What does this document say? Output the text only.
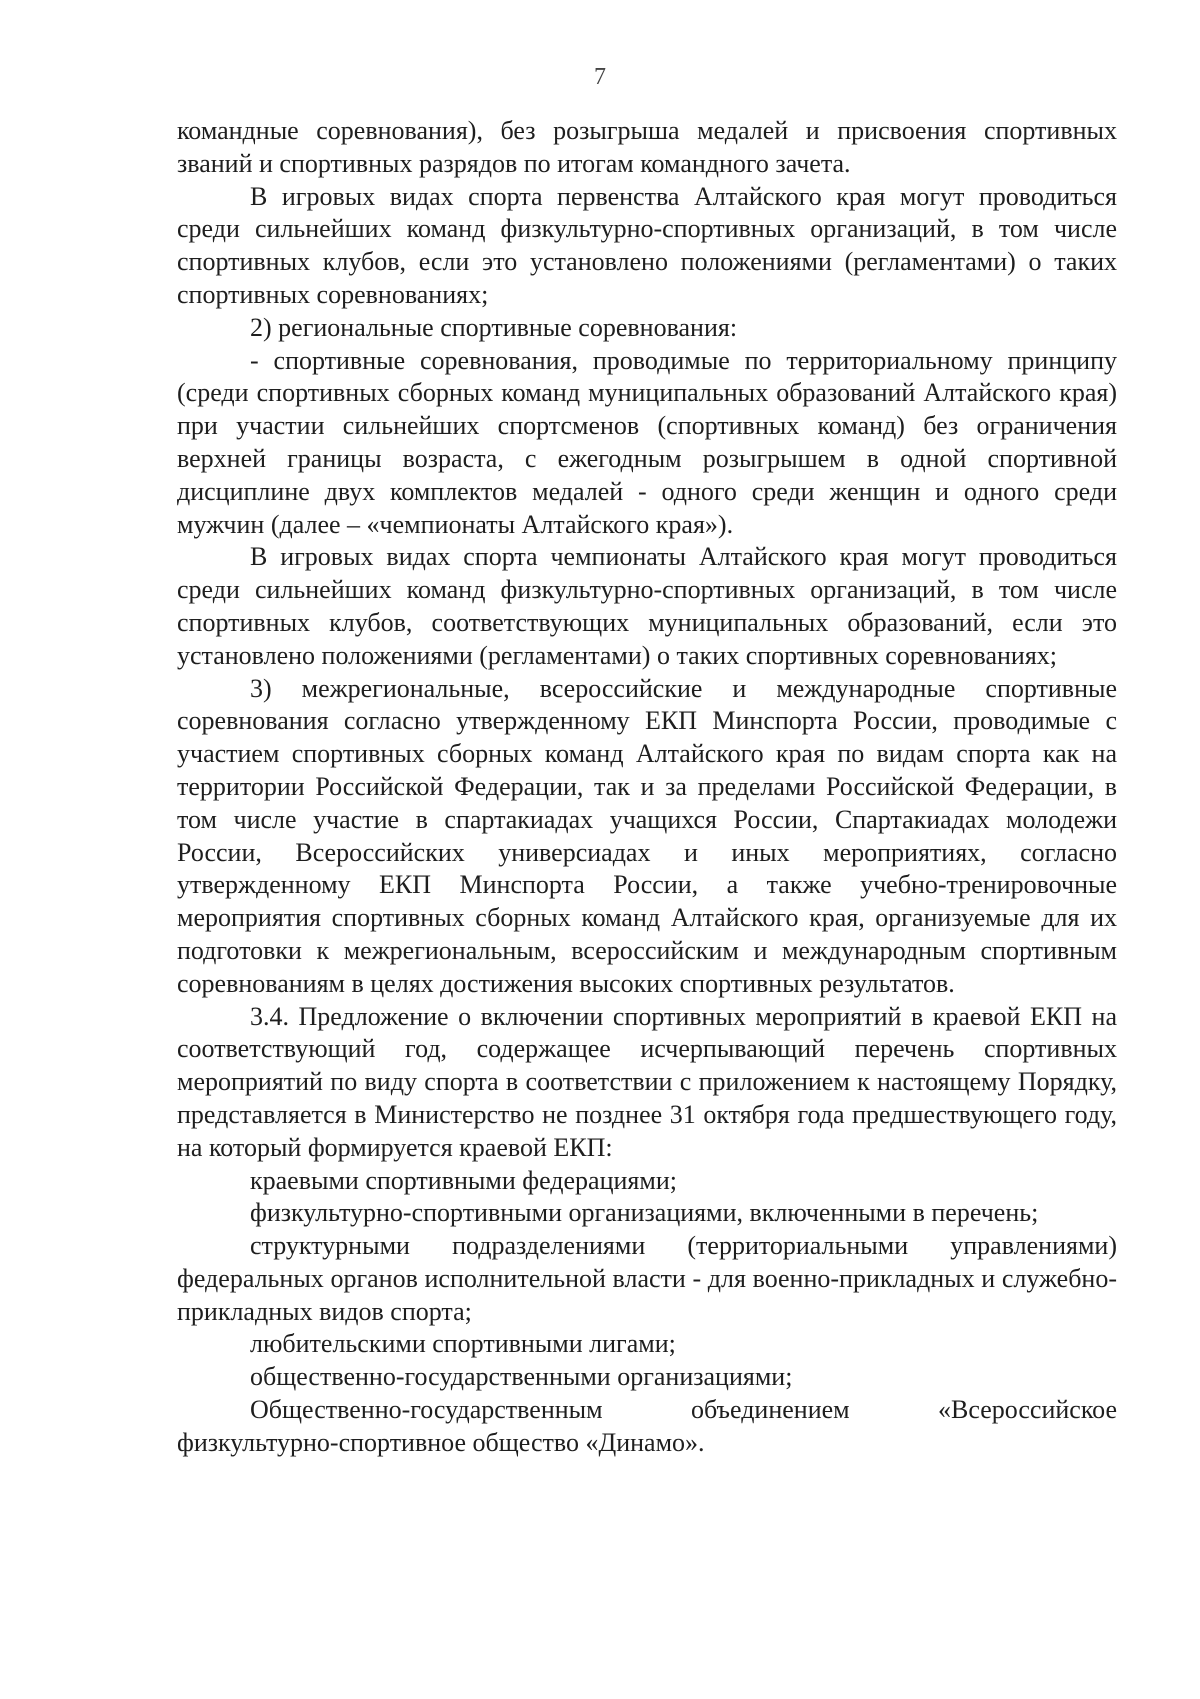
7

командные соревнования), без розыгрыша медалей и присвоения спортивных званий и спортивных разрядов по итогам командного зачета.

В игровых видах спорта первенства Алтайского края могут проводиться среди сильнейших команд физкультурно-спортивных организаций, в том числе спортивных клубов, если это установлено положениями (регламентами) о таких спортивных соревнованиях;

2) региональные спортивные соревнования:

- спортивные соревнования, проводимые по территориальному принципу (среди спортивных сборных команд муниципальных образований Алтайского края) при участии сильнейших спортсменов (спортивных команд) без ограничения верхней границы возраста, с ежегодным розыгрышем в одной спортивной дисциплине двух комплектов медалей - одного среди женщин и одного среди мужчин (далее – «чемпионаты Алтайского края»).

В игровых видах спорта чемпионаты Алтайского края могут проводиться среди сильнейших команд физкультурно-спортивных организаций, в том числе спортивных клубов, соответствующих муниципальных образований, если это установлено положениями (регламентами) о таких спортивных соревнованиях;

3) межрегиональные, всероссийские и международные спортивные соревнования согласно утвержденному ЕКП Минспорта России, проводимые с участием спортивных сборных команд Алтайского края по видам спорта как на территории Российской Федерации, так и за пределами Российской Федерации, в том числе участие в спартакиадах учащихся России, Спартакиадах молодежи России, Всероссийских универсиадах и иных мероприятиях, согласно утвержденному ЕКП Минспорта России, а также учебно-тренировочные мероприятия спортивных сборных команд Алтайского края, организуемые для их подготовки к межрегиональным, всероссийским и международным спортивным соревнованиям в целях достижения высоких спортивных результатов.

3.4. Предложение о включении спортивных мероприятий в краевой ЕКП на соответствующий год, содержащее исчерпывающий перечень спортивных мероприятий по виду спорта в соответствии с приложением к настоящему Порядку, представляется в Министерство не позднее 31 октября года предшествующего году, на который формируется краевой ЕКП:

краевыми спортивными федерациями;

физкультурно-спортивными организациями, включенными в перечень;

структурными подразделениями (территориальными управлениями) федеральных органов исполнительной власти - для военно-прикладных и служебно-прикладных видов спорта;

любительскими спортивными лигами;

общественно-государственными организациями;

Общественно-государственным объединением «Всероссийское физкультурно-спортивное общество «Динамо».
